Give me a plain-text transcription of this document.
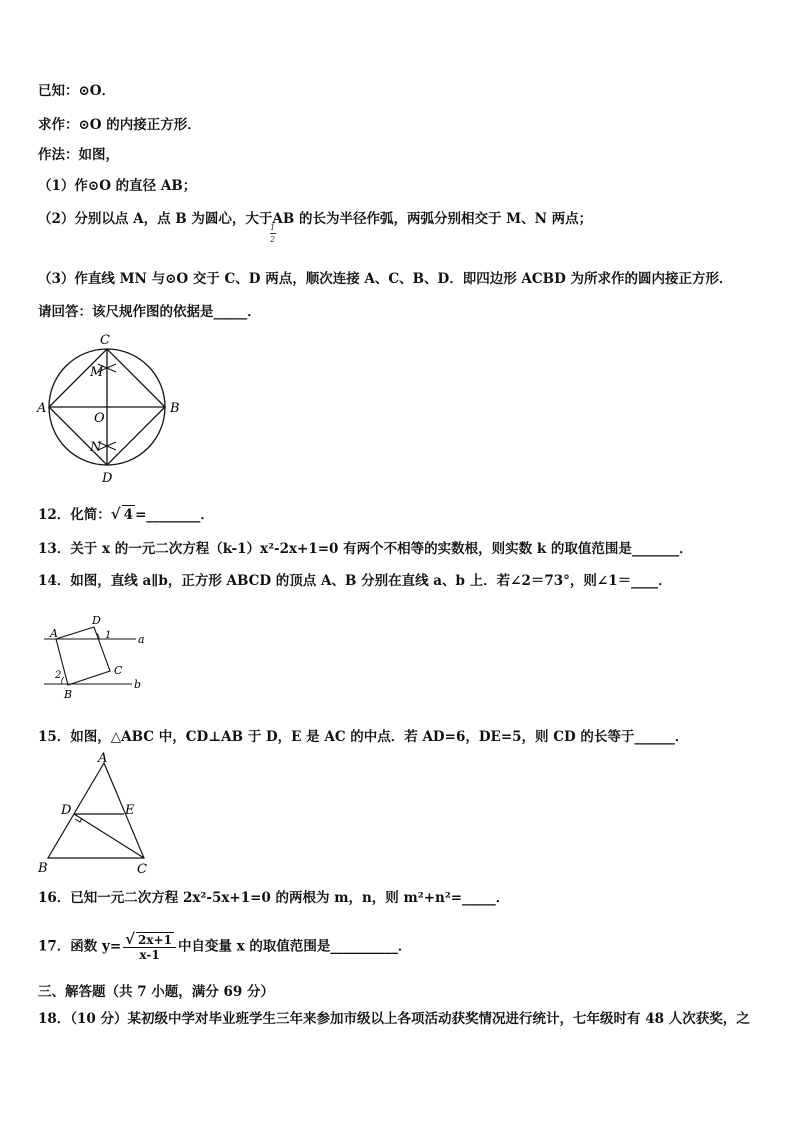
已知：⊙O．
求作：⊙O 的内接正方形．
作法：如图，
（1）作⊙O 的直径 AB；
（2）分别以点 A，点 B 为圆心，大于AB 的长为半径作弧，两弧分别相交于 M、N 两点；
1
2
（3）作直线 MN 与⊙O 交于 C、D 两点，顺次连接 A、C、B、D．即四边形 ACBD 为所求作的圆内接正方形．
请回答：该尺规作图的依据是_____．
C
M
A
O
B
N
D
12．化简：√ 4 =________．
13．关于 x 的一元二次方程（k-1）x²-2x+1=0 有两个不相等的实数根，则实数 k 的取值范围是_______．
14．如图，直线 a∥b，正方形 ABCD 的顶点 A、B 分别在直线 a、b 上．若∠2＝73°，则∠1＝____．
D
A	1 a
2	C
B
b
15．如图，△ABC 中，CD⊥AB 于 D，E 是 AC 的中点．若 AD=6，DE=5，则 CD 的长等于______．
A
D	E
B	C
16．已知一元二次方程 2x²-5x+1=0 的两根为 m，n，则 m²+n²=_____．
17．函数 $y= \frac{√ 2x+1}{x-1}$ 中自变量 x 的取值范围是__________．
三、解答题（共 7 小题，满分 69 分）
18．（10 分）某初级中学对毕业班学生三年来参加市级以上各项活动获奖情况进行统计，七年级时有 48 人次获奖，之
